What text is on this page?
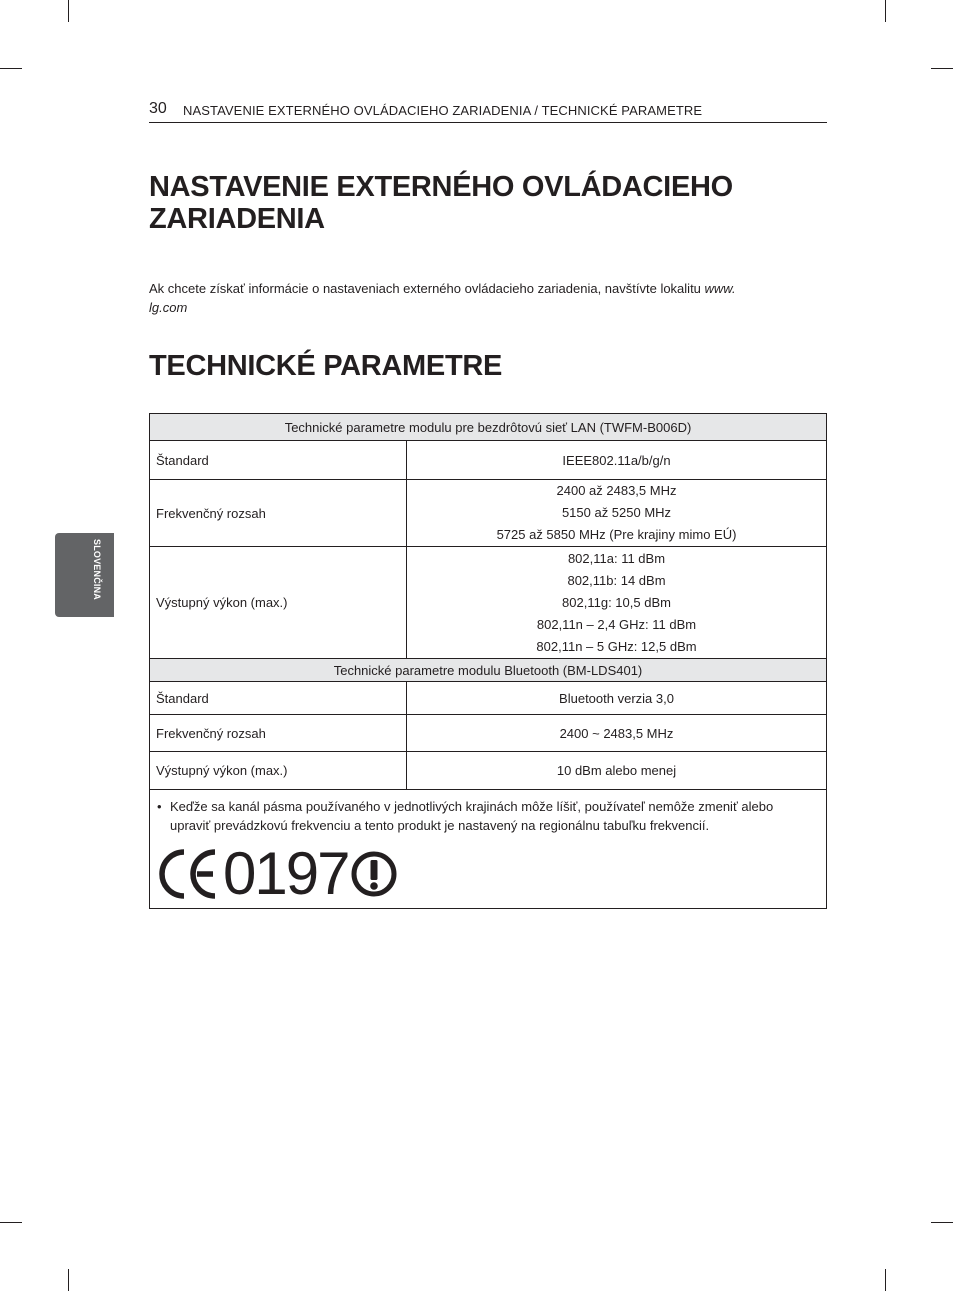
30 NASTAVENIE EXTERNÉHO OVLÁDACIEHO ZARIADENIA / TECHNICKÉ PARAMETRE
SLOVENČINA
NASTAVENIE EXTERNÉHO OVLÁDACIEHO
ZARIADENIA
Ak chcete získať informácie o nastaveniach externého ovládacieho zariadenia, navštívte lokalitu www.
lg.com
TECHNICKÉ PARAMETRE
Technické parametre modulu pre bezdrôtovú sieť LAN (TWFM-B006D)	
Štandard	IEEE802.11a/b/g/n
Frekvenčný rozsah	2400 až 2483,5 MHz
5150 až 5250 MHz
5725 až 5850 MHz (Pre krajiny mimo EÚ)

Výstupný výkon (max.)	802,11a: 11 dBm
802,11b: 14 dBm
802,11g: 10,5 dBm
802,11n – 2,4 GHz: 11 dBm
802,11n – 5 GHz: 12,5 dBm

Technické parametre modulu Bluetooth (BM-LDS401)	
Štandard	Bluetooth verzia 3,0
Frekvenčný rozsah	2400 ~ 2483,5 MHz
Výstupný výkon (max.)	10 dBm alebo menej

• Keďže sa kanál pásma používaného v jednotlivých krajinách môže líšiť, používateľ nemôže zmeniť alebo upraviť prevádzkovú frekvenciu a tento produkt je nastavený na regionálnu tabuľku frekvencií.
0197	
